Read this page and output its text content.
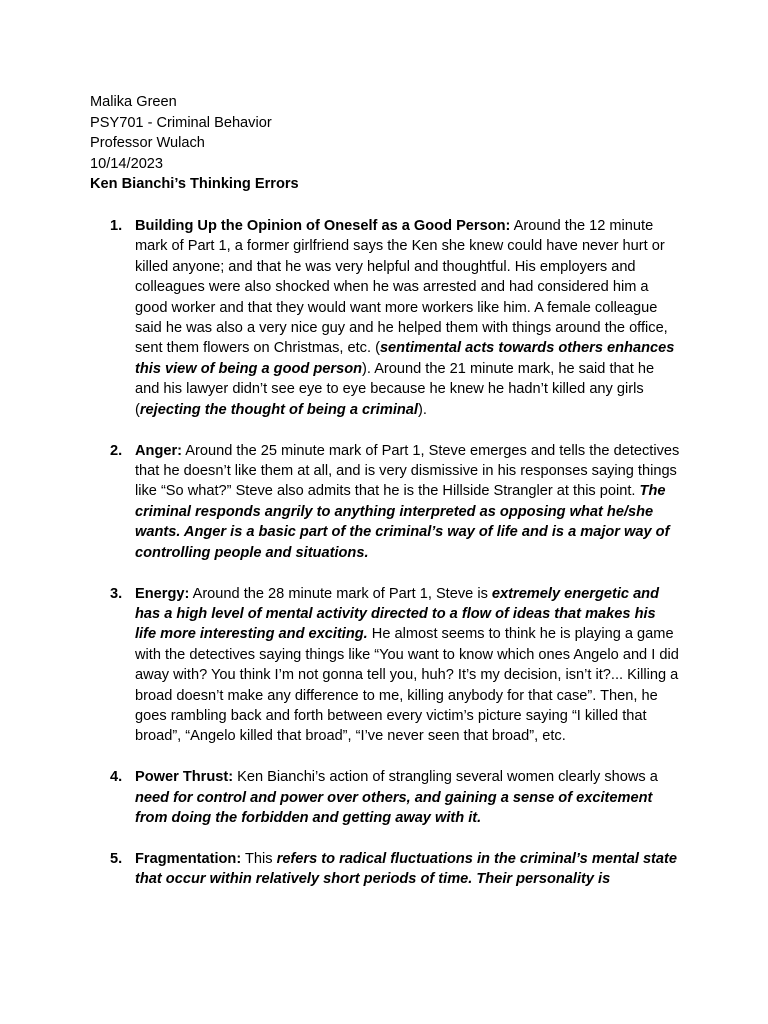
Malika Green
PSY701 - Criminal Behavior
Professor Wulach
10/14/2023
Ken Bianchi’s Thinking Errors
1. Building Up the Opinion of Oneself as a Good Person: Around the 12 minute mark of Part 1, a former girlfriend says the Ken she knew could have never hurt or killed anyone; and that he was very helpful and thoughtful. His employers and colleagues were also shocked when he was arrested and had considered him a good worker and that they would want more workers like him. A female colleague said he was also a very nice guy and he helped them with things around the office, sent them flowers on Christmas, etc. (sentimental acts towards others enhances this view of being a good person). Around the 21 minute mark, he said that he and his lawyer didn’t see eye to eye because he knew he hadn’t killed any girls (rejecting the thought of being a criminal).
2. Anger: Around the 25 minute mark of Part 1, Steve emerges and tells the detectives that he doesn’t like them at all, and is very dismissive in his responses saying things like “So what?” Steve also admits that he is the Hillside Strangler at this point. The criminal responds angrily to anything interpreted as opposing what he/she wants. Anger is a basic part of the criminal’s way of life and is a major way of controlling people and situations.
3. Energy: Around the 28 minute mark of Part 1, Steve is extremely energetic and has a high level of mental activity directed to a flow of ideas that makes his life more interesting and exciting. He almost seems to think he is playing a game with the detectives saying things like “You want to know which ones Angelo and I did away with? You think I’m not gonna tell you, huh? It’s my decision, isn’t it?... Killing a broad doesn’t make any difference to me, killing anybody for that case”. Then, he goes rambling back and forth between every victim’s picture saying “I killed that broad”, “Angelo killed that broad”, “I’ve never seen that broad”, etc.
4. Power Thrust: Ken Bianchi’s action of strangling several women clearly shows a need for control and power over others, and gaining a sense of excitement from doing the forbidden and getting away with it.
5. Fragmentation: This refers to radical fluctuations in the criminal’s mental state that occur within relatively short periods of time. Their personality is
